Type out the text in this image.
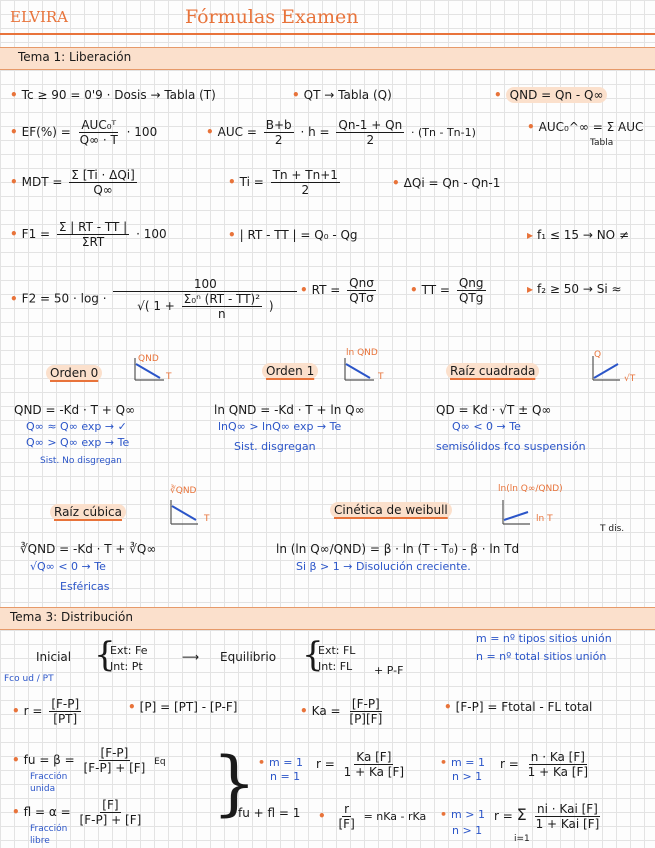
ELVIRA	Fórmulas Examen
Tema 1: Liberación
• Tc ≥ 90 = 0'9 · Dosis → Tabla (T)	• QT → Tabla (Q)	• QND = Qn - Q∞
• $EF(\%) = \frac{\text{AUC₀ᵀ}}{Q\infty \cdot T} \cdot 100$	• AUC = $\frac{B+b}{2} \cdot h = \frac{Qn-1 + Qn}{2} \cdot (Tn - Tn-1)$	• AUC₀^∞ = Σ AUC
Tabla
• MDT = $\frac{\text{Σ [Ti · ΔQi]}}{Q\infty}$	• $Ti = \frac{Tn + Tn+1}{2}$	• ΔQi = Qn - Qn-1
• $F1 = \frac{\Sigma | RT - TT |}{\text{ΣRT}} \cdot 100$	• | RT - TT | = Q₀ - Qg	▸ f₁ ≤ 15 → NO ≠
• $F2 = 50 \cdot \log \cdot \frac{100}{√( 1 + \frac{\text{Σ₀ⁿ (RT - TT)²}}{n} )}$ • RT = $\frac{\text{Qnσ}}{\text{QTσ}}$	• TT = $\frac{\text{Qng}}{\text{QTg}}$	▸ f₂ ≥ 50 → Si ≈
Orden 0
QND
T
QND = -Kd · T + Q∞
Q∞ ≈ Q∞ exp → ✓
Q∞ > Q∞ exp → Te
Sist. No disgregan
Orden 1
ln QND
T
ln QND = -Kd · T + ln Q∞
lnQ∞ > lnQ∞ exp → Te
Sist. disgregan
Raíz cuadrada
Q
√T
QD = Kd · √T ± Q∞
Q∞ < 0 → Te
semisólidos fco suspensión
Raíz cúbica
∛QND
T
∛QND = -Kd · T + ∛Q∞
√Q∞ < 0 → Te
Esféricas
Cinética de weibull
ln(ln Q∞/QND)
ln T
T dis.
ln (ln Q∞/QND) = β · ln (T - T₀) - β · ln Td
Si β > 1 → Disolución creciente.
Tema 3: Distribución
Inicial {
Ext: Fe
Int: Pt
⟶ Equilibrio {
Ext: FL
Int: FL + P-F
m = nº tipos sitios unión
n = nº total sitios unión
Fco ud / PT
• $r = \frac{[F-P]}{[PT]}$	• [P] = [PT] - [P-F]	• $Ka = \frac{[F-P]}{[P][F]}$	• [F-P] = Ftotal - FL total
• fu = $\beta = \frac{[F-P]}{[F-P] + [F]}$ Eq
Fracción
unida
• fl = $\alpha = \frac{[F]}{[F-P] + [F]}$
Fracción
libre
}
fu + fl = 1
• m = 1
n = 1
$r = \frac{Ka [F]}{1 + Ka [F]}$	• m = 1
n > 1
$r = \frac{n \cdot Ka [F]}{1 + Ka [F]}$
• $\frac{r}{[F]}$ = nKa - rKa • m > 1
n > 1
r = Σ $\frac{\text{ni · Kai [F]}}{\text{1 + Kai [F]}}$
i=1
